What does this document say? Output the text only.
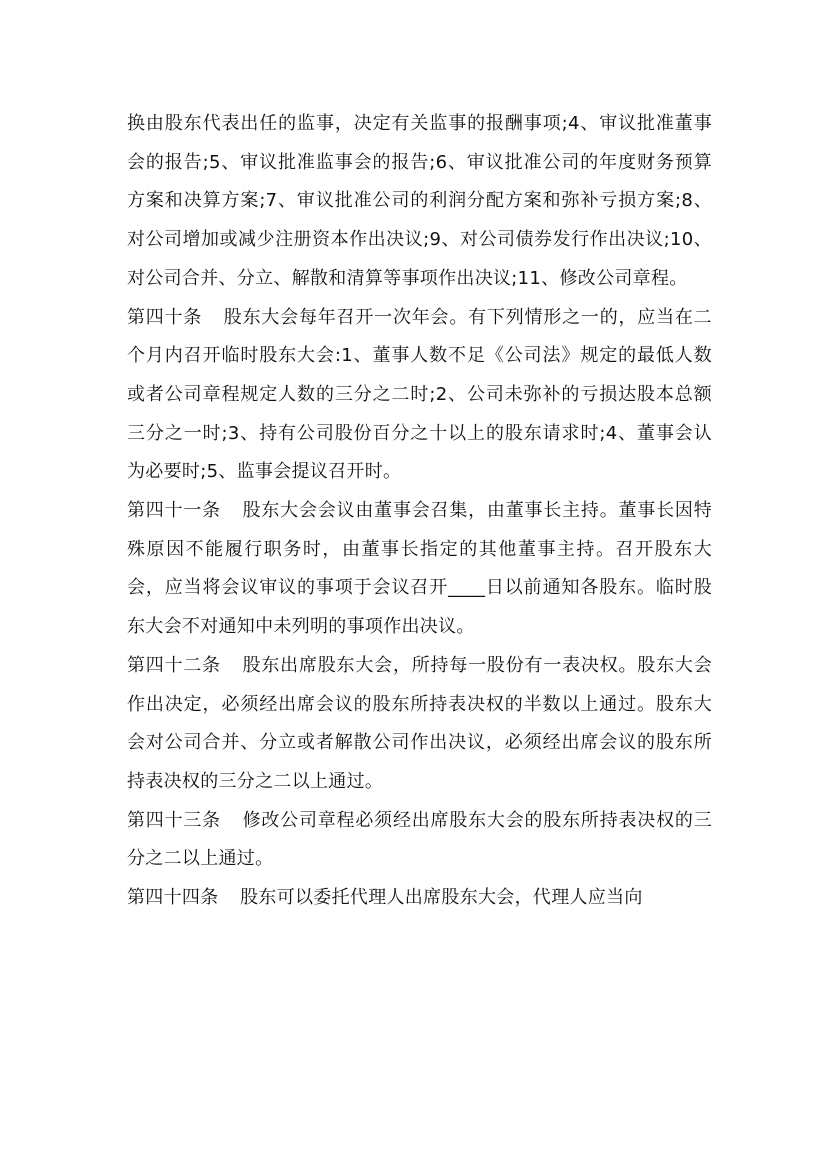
换由股东代表出任的监事，决定有关监事的报酬事项;4、审议批准董事会的报告;5、审议批准监事会的报告;6、审议批准公司的年度财务预算方案和决算方案;7、审议批准公司的利润分配方案和弥补亏损方案;8、对公司增加或减少注册资本作出决议;9、对公司债券发行作出决议;10、对公司合并、分立、解散和清算等事项作出决议;11、修改公司章程。

第四十条 股东大会每年召开一次年会。有下列情形之一的，应当在二个月内召开临时股东大会:1、董事人数不足《公司法》规定的最低人数或者公司章程规定人数的三分之二时;2、公司未弥补的亏损达股本总额三分之一时;3、持有公司股份百分之十以上的股东请求时;4、董事会认为必要时;5、监事会提议召开时。

第四十一条 股东大会会议由董事会召集，由董事长主持。董事长因特殊原因不能履行职务时，由董事长指定的其他董事主持。召开股东大会，应当将会议审议的事项于会议召开____日以前通知各股东。临时股东大会不对通知中未列明的事项作出决议。

第四十二条 股东出席股东大会，所持每一股份有一表决权。股东大会作出决定，必须经出席会议的股东所持表决权的半数以上通过。股东大会对公司合并、分立或者解散公司作出决议，必须经出席会议的股东所持表决权的三分之二以上通过。

第四十三条 修改公司章程必须经出席股东大会的股东所持表决权的三分之二以上通过。

第四十四条 股东可以委托代理人出席股东大会，代理人应当向
